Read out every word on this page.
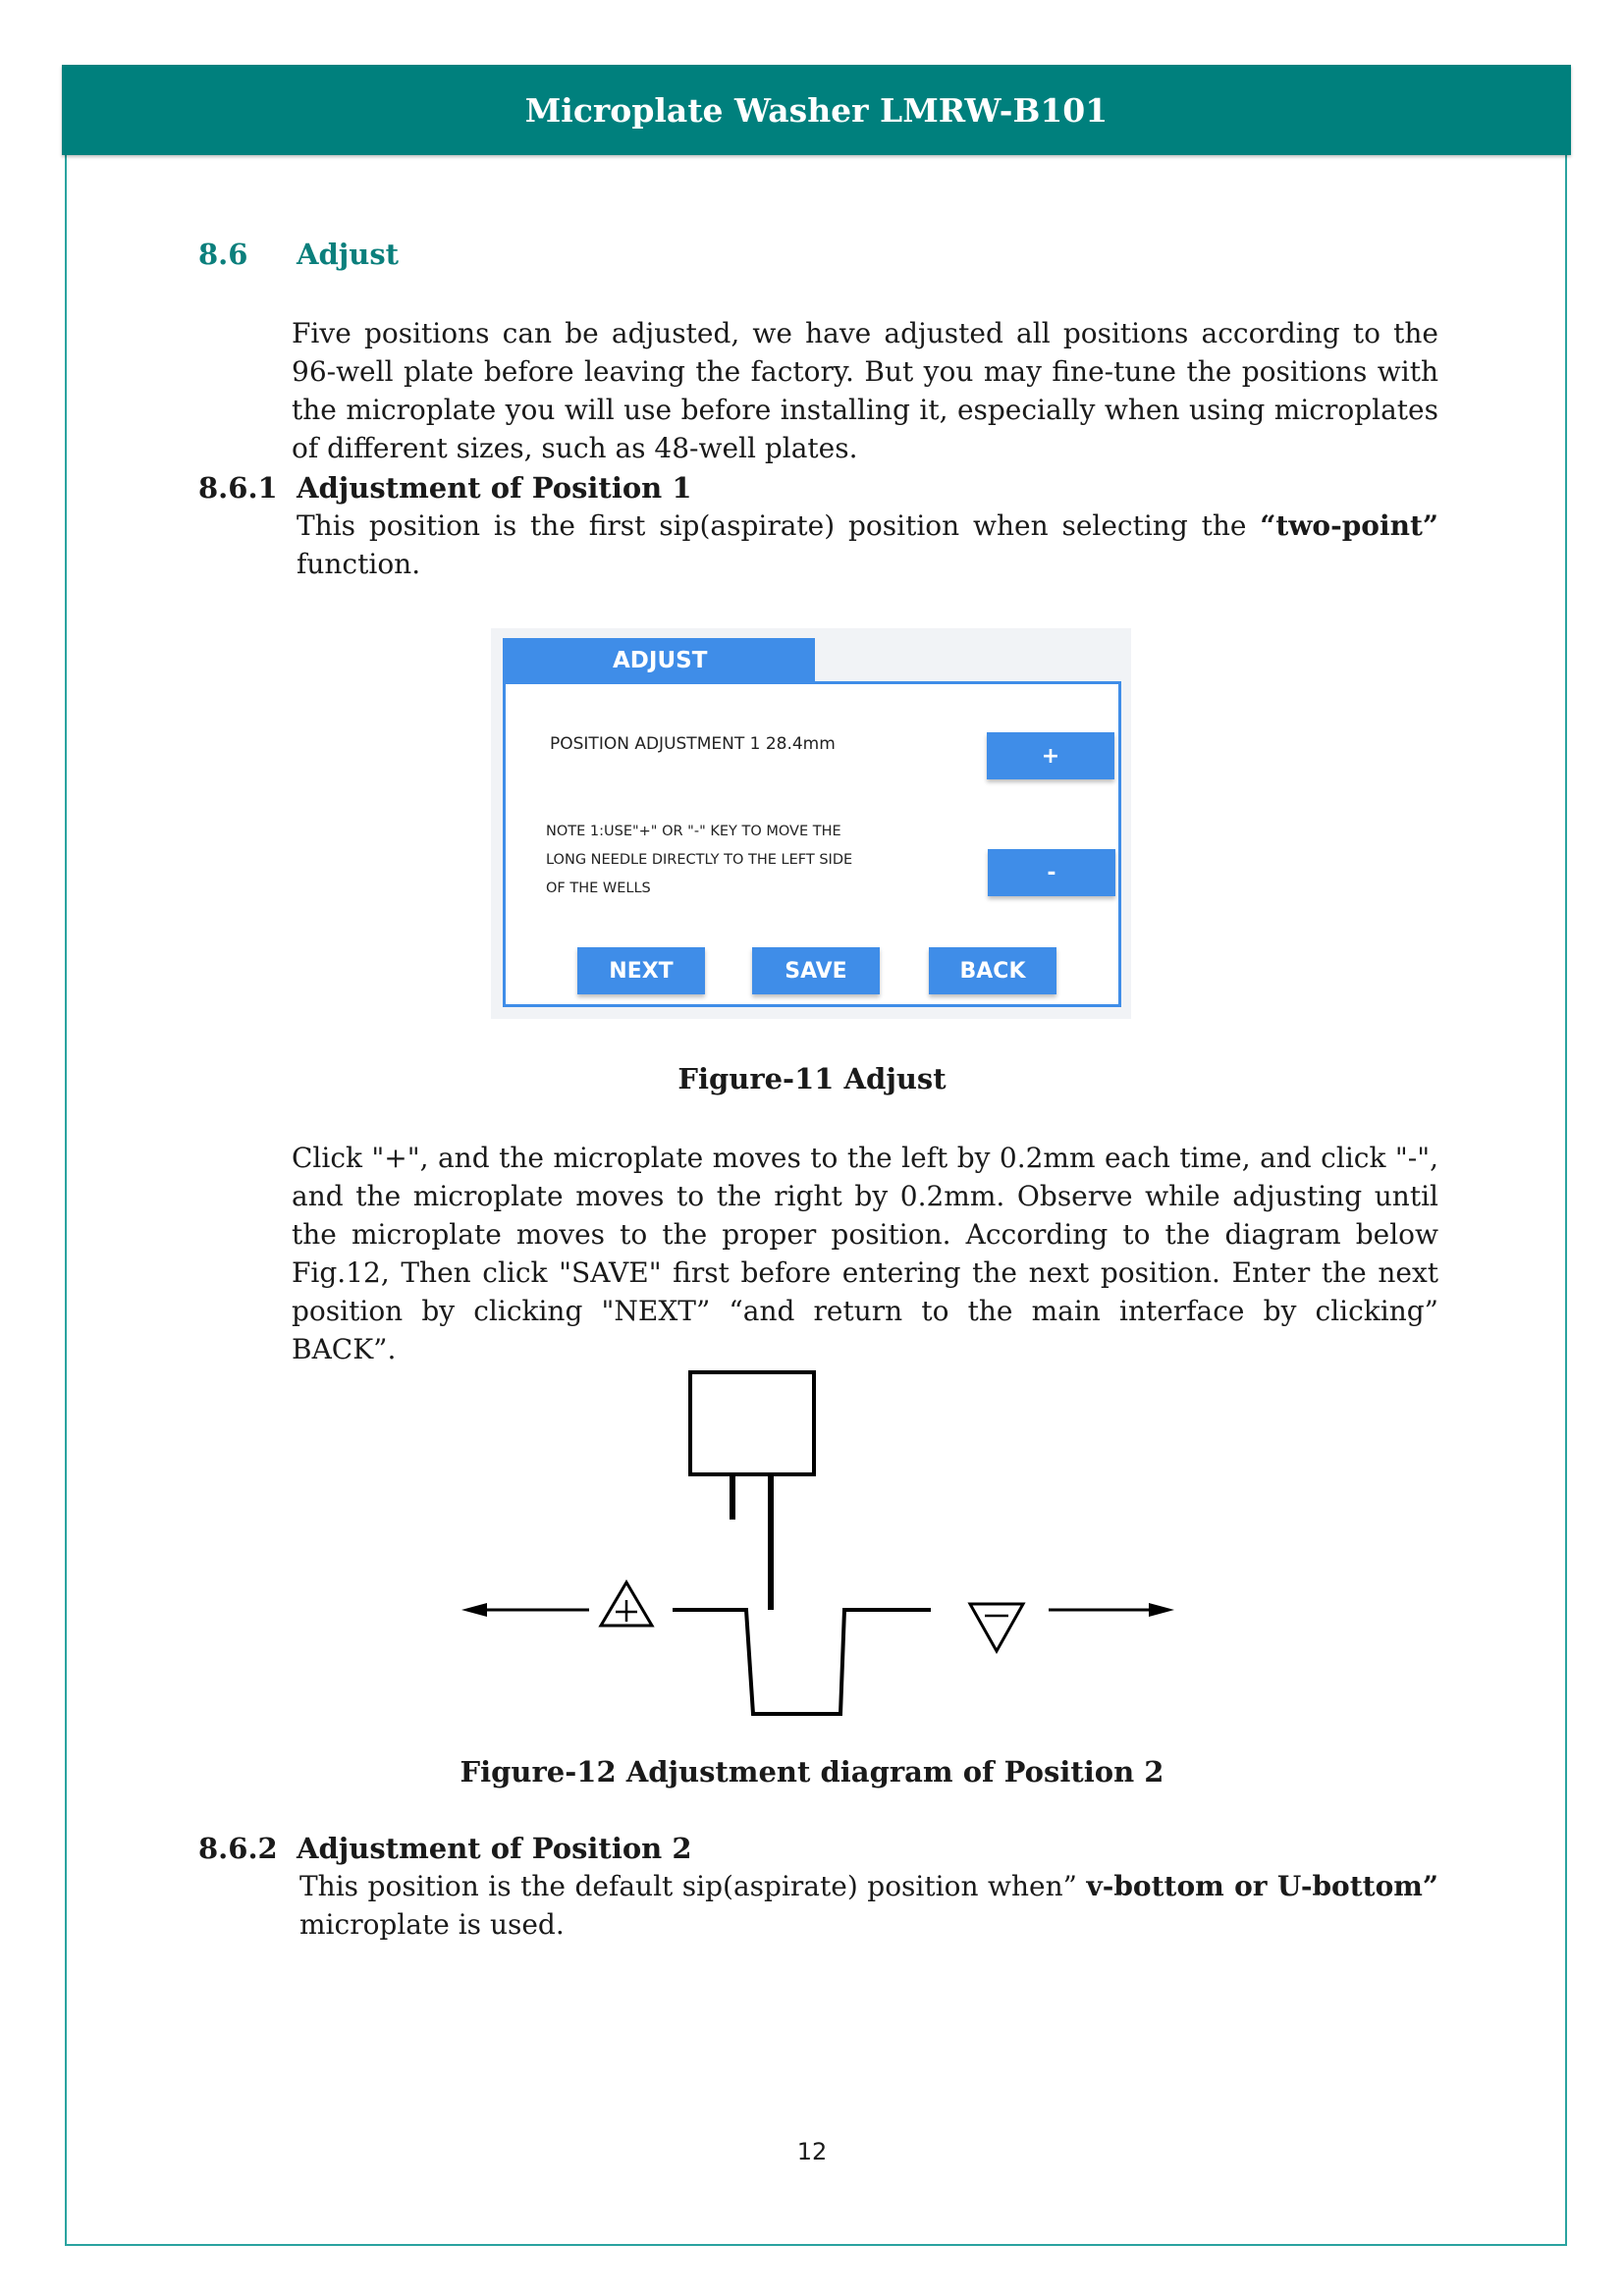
Microplate Washer LMRW-B101
8.6 Adjust
Five positions can be adjusted, we have adjusted all positions according to the 96-well plate before leaving the factory. But you may fine-tune the positions with the microplate you will use before installing it, especially when using microplates of different sizes, such as 48-well plates.
8.6.1 Adjustment of Position 1
This position is the first sip(aspirate) position when selecting the “two-point” function.
ADJUST
POSITION ADJUSTMENT 1 28.4mm
NOTE 1:USE"+" OR "-" KEY TO MOVE THE
LONG NEEDLE DIRECTLY TO THE LEFT SIDE
OF THE WELLS
+
-
NEXT	SAVE	BACK
Figure-11 Adjust
Click "+", and the microplate moves to the left by 0.2mm each time, and click "-", and the microplate moves to the right by 0.2mm. Observe while adjusting until the microplate moves to the proper position. According to the diagram below Fig.12, Then click "SAVE" first before entering the next position. Enter the next position by clicking "NEXT” “and return to the main interface by clicking” BACK”.
Figure-12 Adjustment diagram of Position 2
8.6.2 Adjustment of Position 2
This position is the default sip(aspirate) position when” v-bottom or U-bottom” microplate is used.
12
